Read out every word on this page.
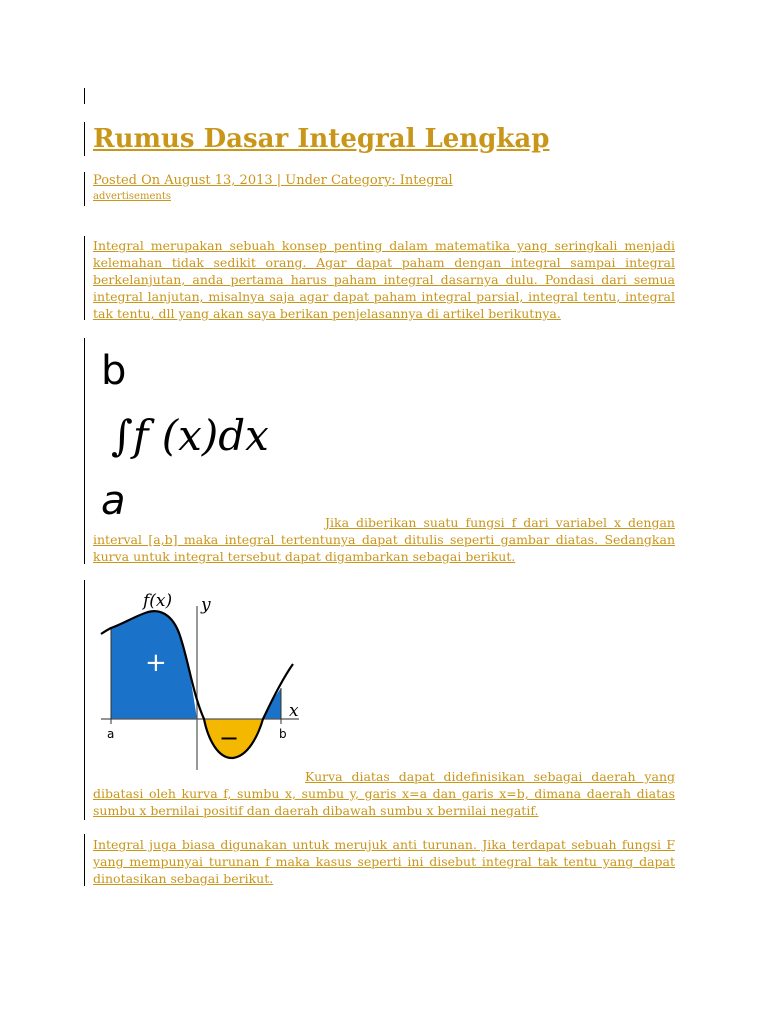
Rumus Dasar Integral Lengkap
Posted On August 13, 2013 | Under Category: Integral
advertisements

Integral merupakan sebuah konsep penting dalam matematika yang seringkali menjadi kelemahan tidak sedikit orang. Agar dapat paham dengan integral sampai integral berkelanjutan, anda pertama harus paham integral dasarnya dulu. Pondasi dari semua integral lanjutan, misalnya saja agar dapat paham integral parsial, integral tentu, integral tak tentu, dll yang akan saya berikan penjelasannya di artikel berikutnya.

b
∫f (x)dx
a	Jika diberikan suatu fungsi f dari variabel x dengan interval [a,b] maka integral tertentunya dapat ditulis seperti gambar diatas. Sedangkan kurva untuk integral tersebut dapat digambarkan sebagai berikut.

f(x) y
x
a	b
+
−

Kurva diatas dapat didefinisikan sebagai daerah yang dibatasi oleh kurva f, sumbu x, sumbu y, garis x=a dan garis x=b, dimana daerah diatas sumbu x bernilai positif dan daerah dibawah sumbu x bernilai negatif.

Integral juga biasa digunakan untuk merujuk anti turunan. Jika terdapat sebuah fungsi F yang mempunyai turunan f maka kasus seperti ini disebut integral tak tentu yang dapat dinotasikan sebagai berikut.
